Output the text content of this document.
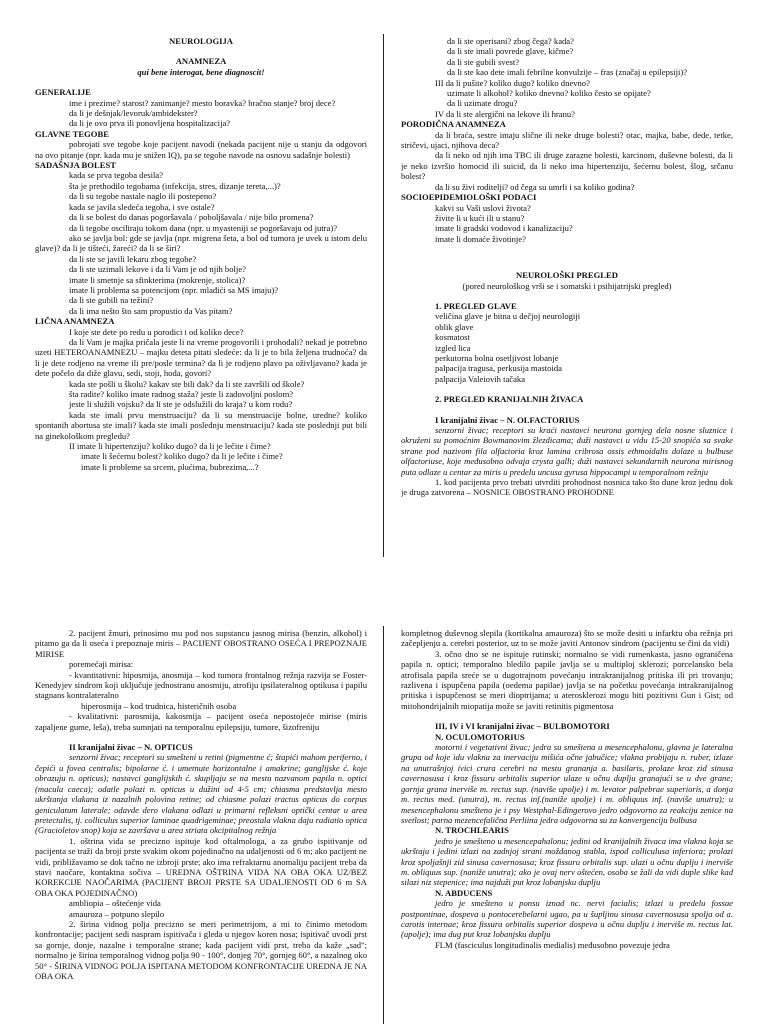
NEUROLOGIJA

ANAMNEZA

qui bene interogat, bene diagnoscit!

GENERALIJE

ime i prezime? starost? zanimanje? mesto boravka? bračno stanje? broj dece?

da li je dešnjak/levoruk/ambidekster?

da li je ovo prva ili ponovljena hospitalizacija?

GLAVNE TEGOBE

pobrojati sve tegobe koje pacijent navodi (nekada pacijent nije u stanju da odgovori na ovo pitanje (npr. kada mu je snižen IQ), pa se tegobe navode na osnovu sadašnje bolesti)

SADAŠNJA BOLEST

kada se prva tegoba desila?

šta je prethodilo tegobama (infekcija, stres, dizanje tereta,...)?

da li su tegobe nastale naglo ili postepeno?

kada se javila sledeća tegoba, i sve ostale?

da li se bolest do danas pogoršavala / poboljšavala / nije bilo promena?

da li tegobe osciliraju tokom dana (npr. u myasteniji se pogoršavaju od jutra)?

ako se javlja bol: gde se javlja (npr. migrena šeta, a bol od tumora je uvek u istom delu glave)? da li je tištеći, žareći? da li se širi?

da li ste se javili lekaru zbog tegobe?

da li ste uzimali lekove i da li Vam je od njih bolje?

imate li smetnje sa sfinkterima (mokrenje, stolica)?

imate li problema sa potencijom (npr. mlađići sa MS imaju)?

da li ste gubili na težini?

da li ima nešto što sam propustio da Vas pitam?

LIČNA ANAMNEZA

I koje ste dete po redu u porodici i od koliko dece?

da li Vam je majka pričala jeste li na vreme progovorili i prohodali? nekad je potrebno uzeti HETEROANAMNEZU – majku deteta pitati sledeće: da li je to bila željena trudnoća? da li je dete rodjeno na vreme ili pre/posle termina? da li je rodjeno plavo pa oživljavano? kada je dete počelo da diže glavu, sedi, stoji, hoda, govori?

kada ste pošli u školu? kakav ste bili đak? da li ste završili od škole?

šta radite? koliko imate radnog staža? jeste li zadovoljni poslom?

jeste li služili vojsku? da li ste je odslužili do kraja? u kom rodu?

kada ste imali prvu menstruaciju? da li su menstruacije bolne, uredne? koliko spontanih abortusa ste imali? kada ste imali poslednju menstruaciju? kada ste poslednji put bili na ginekološkom pregledu?

II imate li hipertenziju? koliko dugo? da li je lečite i čime?

imate li šećernu bolest? koliko dugo? da li je lečite i čime?

imate li probleme sa srcem, plućima, bubrezima,...?

da li ste operisani? zbog čega? kada?

da li ste imali povrede glave, kičme?

da li ste gubili svest?

da li ste kao dete imali febrilne konvulzije – fras (značaj u epilepsiji)?

III da li pušite? koliko dugo? koliko dnevno?

uzimate li alkohol? koliko dnevno? koliko često se opijate?

da li uzimate drogu?

IV da li ste alergični na lekove ili hranu?

PORODIČNA ANAMNEZA

da li braća, sestre imaju slične ili neke druge bolesti? otac, majka, babe, dede, tetke, stričevi, ujaci, njihova deca?

da li neko od njih ima TBC ili druge zarazne bolesti, karcinom, duševne bolesti, da li je neko izvršio homocid ili suicid, da li neko ima hipertenziju, šećernu bolest, šlog, srčanu bolest?

da li su živi roditelji? od čega su umrli i sa koliko godina?

SOCIOEPIDEMIOLOŠKI PODACI

kakvi su Vaši uslovi života?

živite li u kući ili u stanu?

imate li gradski vodovod i kanalizaciju?

imate li domaće životinje?

NEUROLOŠKI PREGLED

(pored neurološkog vrši se i somatski i psihijatrijski pregled)

1. PREGLED GLAVE

veličina glave je bitna u dečjoj neurologiji

oblik glave

kosmatost

izgled lica

perkutorna bolna osetljivost lobanje

palpacija tragusa, perkusija mastoida

palpacija Valeiovih tačaka

2. PREGLED KRANIJALNIH ŽIVACA

I kranijalni živac – N. OLFACTORIUS

senzorni živac; receptori su kraći nastavci neurona gornjeg dela nosne sluznice i okruženi su pomoćnim Bowmanovim žlezdicama; duži nastavci u vidu 15-20 snopića sa svake strane pod nazivom fila olfactoria kroz lamina cribrosa ossis ethmoidalis dolaze u bulbuse olfactoriuse, koje međusobno odvaja crysta galli; duži nastavci sekundarnih neurona mirisnog puta odlaze u centar za miris u predelu uncusa gyrusa hippocampi u temporalnom režnju

1. kod pacijenta prvo trebati utvrditi prohodnost nosnica tako što dune kroz jednu dok je druga zatvorena – NOSNICE OBOSTRANO PROHODNE

2. pacijent žmuri, prinosimo mu pod nos supstancu jasnog mirisa (benzin, alkohol) i pitamo ga da li oseća i prepoznaje miris – PACIJENT OBOSTRANO OSEĆA I PREPOZNAJE MIRISE

poremećaji mirisa:

- kvantitativni: hiposmija, anosmija – kod tumora frontalnog režnja razvija se Foster-Kenedyjev sindrom koji uključuje jednostranu anosmiju, atrofiju ipsilateralnog optikusa i papilu stagnans kontralateralno

hiperosmija – kod trudnica, histeričnih osoba

- kvalitativni: parosmija, kakosmija – pacijent oseća nepostojeće mirise (miris zapaljene gume, leša), treba sumnjati na temporalnu epilepsiju, tumore, šizofreniju

II kranijalni živac – N. OPTICUS

senzorni živac; receptori su smešteni u retini (pigmentne ć; štapići mahom periferno, i čepići u fovea centralis; bipolarne ć. i umetnute horizontalne i amakrine; ganglijske ć. koje obrazuju n. opticus); nastavci ganglijskih ć. skupljaju se na mestu nazvanom papila n. optici (macula caeca); odatle polazi n. opticus u dužini od 4-5 cm; chiasma predstavlja mesto ukrštanja vlakana iz nazalnih polovina retine; od chiasme polazi tractus opticus do corpus geniculatum laterale; odavde dero vlakana odlazi u primarni refleksni optički centar u area pretectalis, tj. colliculus superior laminae quadrigeminae; preostala vlakna daju radiatio optica (Gracioletov snop) koja se završava u area striata okcipitalnog režnja

1. oštrina vida se precizno ispituje kod oftalmologa, a za grubo ispitivanje od pacijenta se traži da broji prste svakim okom pojedinačno na udaljenosti od 6 m; ako pacijent ne vidi, približavamo se dok tačno ne izbroji prste; ako ima refraktarnu anomaliju pacijent treba da stavi naočare, kontaktna sočiva – UREDNA OŠTRINA VIDA NA OBA OKA UZ/BEZ KOREKCIJE NAOČARIMA (PACIJENT BROJI PRSTE SA UDALJENOSTI OD 6 m SA OBA OKA POJEDINAČNO)

ambliopia – oštećenje vida

amauroza – potpuno slepilo

2. širina vidnog polja precizno se meri perimetrijom, a mi to činimo metodom konfrontacije; pacijent sedi naspram ispitivača i gleda u njegov koren nosa; ispitivač uvodi prst sa gornje, donje, nazalne i temporalne strane; kada pacijent vidi prst, treba da kaže „sad"; normalno je širina temporalnog vidnog polja 90 - 100°, donjeg 70°, gornjeg 60°, a nazalnog oko 50° - ŠIRINA VIDNOG POLJA ISPITANA METODOM KONFRONTACIJE UREDNA JE NA OBA OKA

kompletnog duševnog slepila (kortikalna amauroza) što se može desiti u infarktu oba režnja pri začepljenju a. cerebri posterior, uz to se može javiti Antonov sindrom (pacijentu se čini da vidi)

3. očno dno se ne ispituje rutinski; normalno se vidi rumenkasta, jasno ograničena papila n. optici; temporalno bledilo papile javlja se u multiploj sklerozi; porcelansko bela atrofisala papila sreće se u dugotrajnom povećanju intrakranijalnog pritiska ili pri trovanju; razlivena i ispupčena papila (oedema papilae) javlja se na početku povećanja intrakranijalnog pritiska i ispupčenost se meri dioptrijama; u aterosklerozi mogu biti pozitivni Gun i Gist; od mitohondrijalnih miopatija može se javiti retinitis pigmentosa

III, IV i VI kranijalni živac – BULBOMOTORI

N. OCULOMOTORIUS

motorni i vegetativni živac; jedra su smeštena u mesencephalonu, glavna je lateralna grupa od koje idu vlakna za inervaciju mišića očne jabučice; vlakna probijaju n. ruber, izlaze na unutrašnjoj ivici crura cerebri na mestu grananja a. basilaris, prolaze kroz zid sinusa cavernosusa i kroz fissuru orbitalis superior ulaze u očnu duplju granajući se u dve grane; gornja grana inerviše m. rectus sup. (naviše upolje) i m. levator palpebrae superioris, a donja m. rectus med. (unutra), m. rectus inf.(naniže upolje) i m. obliquus inf. (naviše unutra); u mesencephalonu smešteno je i psy Westphal-Edingerovo jedro odgovorno za reakciju zenice na svetlost; parna mezencefalična Perliina jedra odgovorna su za konvergenciju bulbusa

N. TROCHLEARIS

jedro je smešteno u mesencepahalonu; jedini od kranijalnih živaca ima vlakna koja se ukrštaju i jedini izlazi na zadnjoj strani moždanog stabla, ispod colliculusa inferiora; prolazi kroz spoljašnji zid sinusa cavernosusa; kroz fissuru orbitalis sup. ulazi u očnu duplju i inerviše m. obliquus sup. (naniže unutra); ako je ovaj nerv oštećen, osoba se žali da vidi duple slike kad silazi niz stepenice; ima najduži put kroz lobanjsku duplju

N. ABDUCENS

jedro je smešteno u ponsu iznad nc. nervi facialis; izlazi u predelu fossae postpontinae, dospeva u pontocerebelarni ugao, pa u šupljinu sinusa cavernosusa spolja od a. carotis internae; kroz fissura orbitalis superior dospeva u očnu duplju i inerviše m. rectus lat. (upolje); ima dug put kroz lobanjsku duplju

FLM (fasciculus longitudinalis medialis) međusobno povezuje jedra
